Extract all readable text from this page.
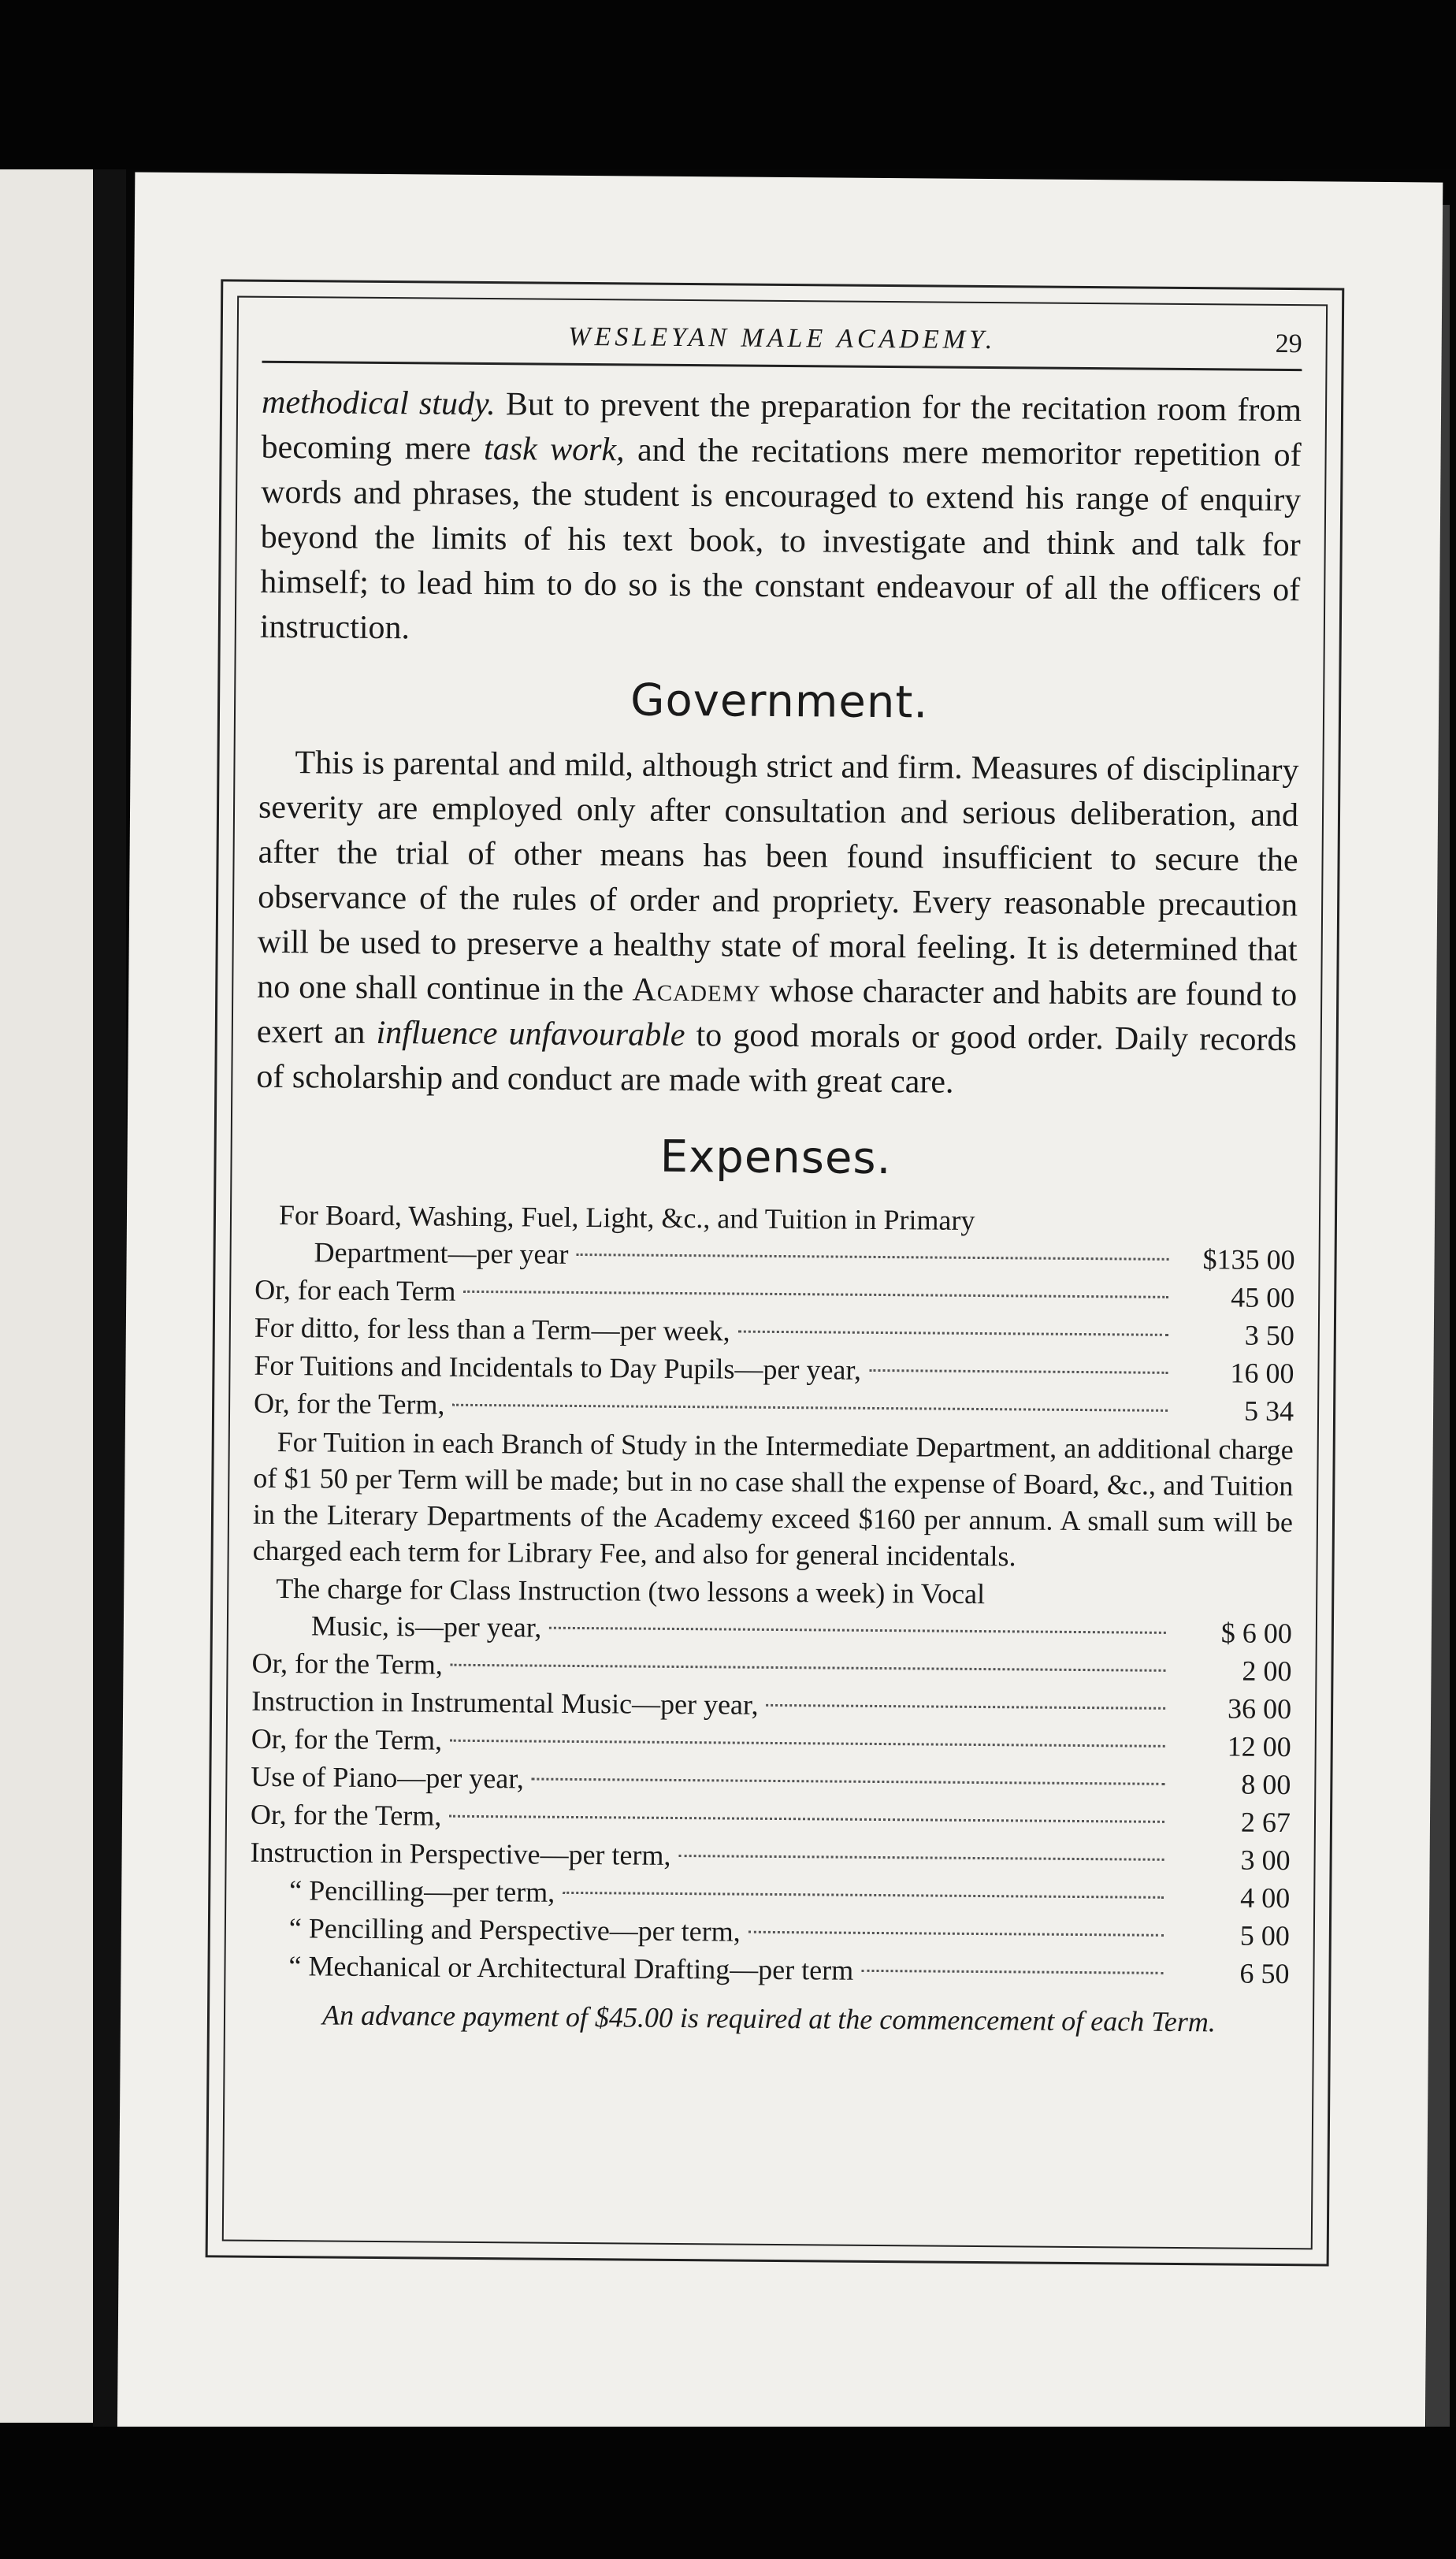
WESLEYAN MALE ACADEMY.	29

methodical study. But to prevent the preparation for the recitation room from becoming mere task work, and the recitations mere memoritor repetition of words and phrases, the student is encouraged to extend his range of enquiry beyond the limits of his text book, to investigate and think and talk for himself; to lead him to do so is the constant endeavour of all the officers of instruction.

Government.

This is parental and mild, although strict and firm. Measures of disciplinary severity are employed only after consultation and serious deliberation, and after the trial of other means has been found insufficient to secure the observance of the rules of order and propriety. Every reasonable precaution will be used to preserve a healthy state of moral feeling. It is determined that no one shall continue in the Academy whose character and habits are found to exert an influence unfavourable to good morals or good order. Daily records of scholarship and conduct are made with great care.

Expenses.
For Board, Washing, Fuel, Light, &c., and Tuition in Primary
Department—per year	$135 00
Or, for each Term	45 00
For ditto, for less than a Term—per week,	3 50
For Tuitions and Incidentals to Day Pupils—per year,	16 00
Or, for the Term,	5 34

For Tuition in each Branch of Study in the Intermediate Department, an additional charge of $1 50 per Term will be made; but in no case shall the expense of Board, &c., and Tuition in the Literary Departments of the Academy exceed $160 per annum. A small sum will be charged each term for Library Fee, and also for general incidentals.

The charge for Class Instruction (two lessons a week) in Vocal
Music, is—per year,	$ 6 00
Or, for the Term,	2 00
Instruction in Instrumental Music—per year,	36 00
Or, for the Term,	12 00
Use of Piano—per year,	8 00
Or, for the Term,	2 67
Instruction in Perspective—per term,	3 00
“ Pencilling—per term,	4 00
“ Pencilling and Perspective—per term,	5 00
“ Mechanical or Architectural Drafting—per term	6 50
An advance payment of $45.00 is required at the commencement of each Term.
